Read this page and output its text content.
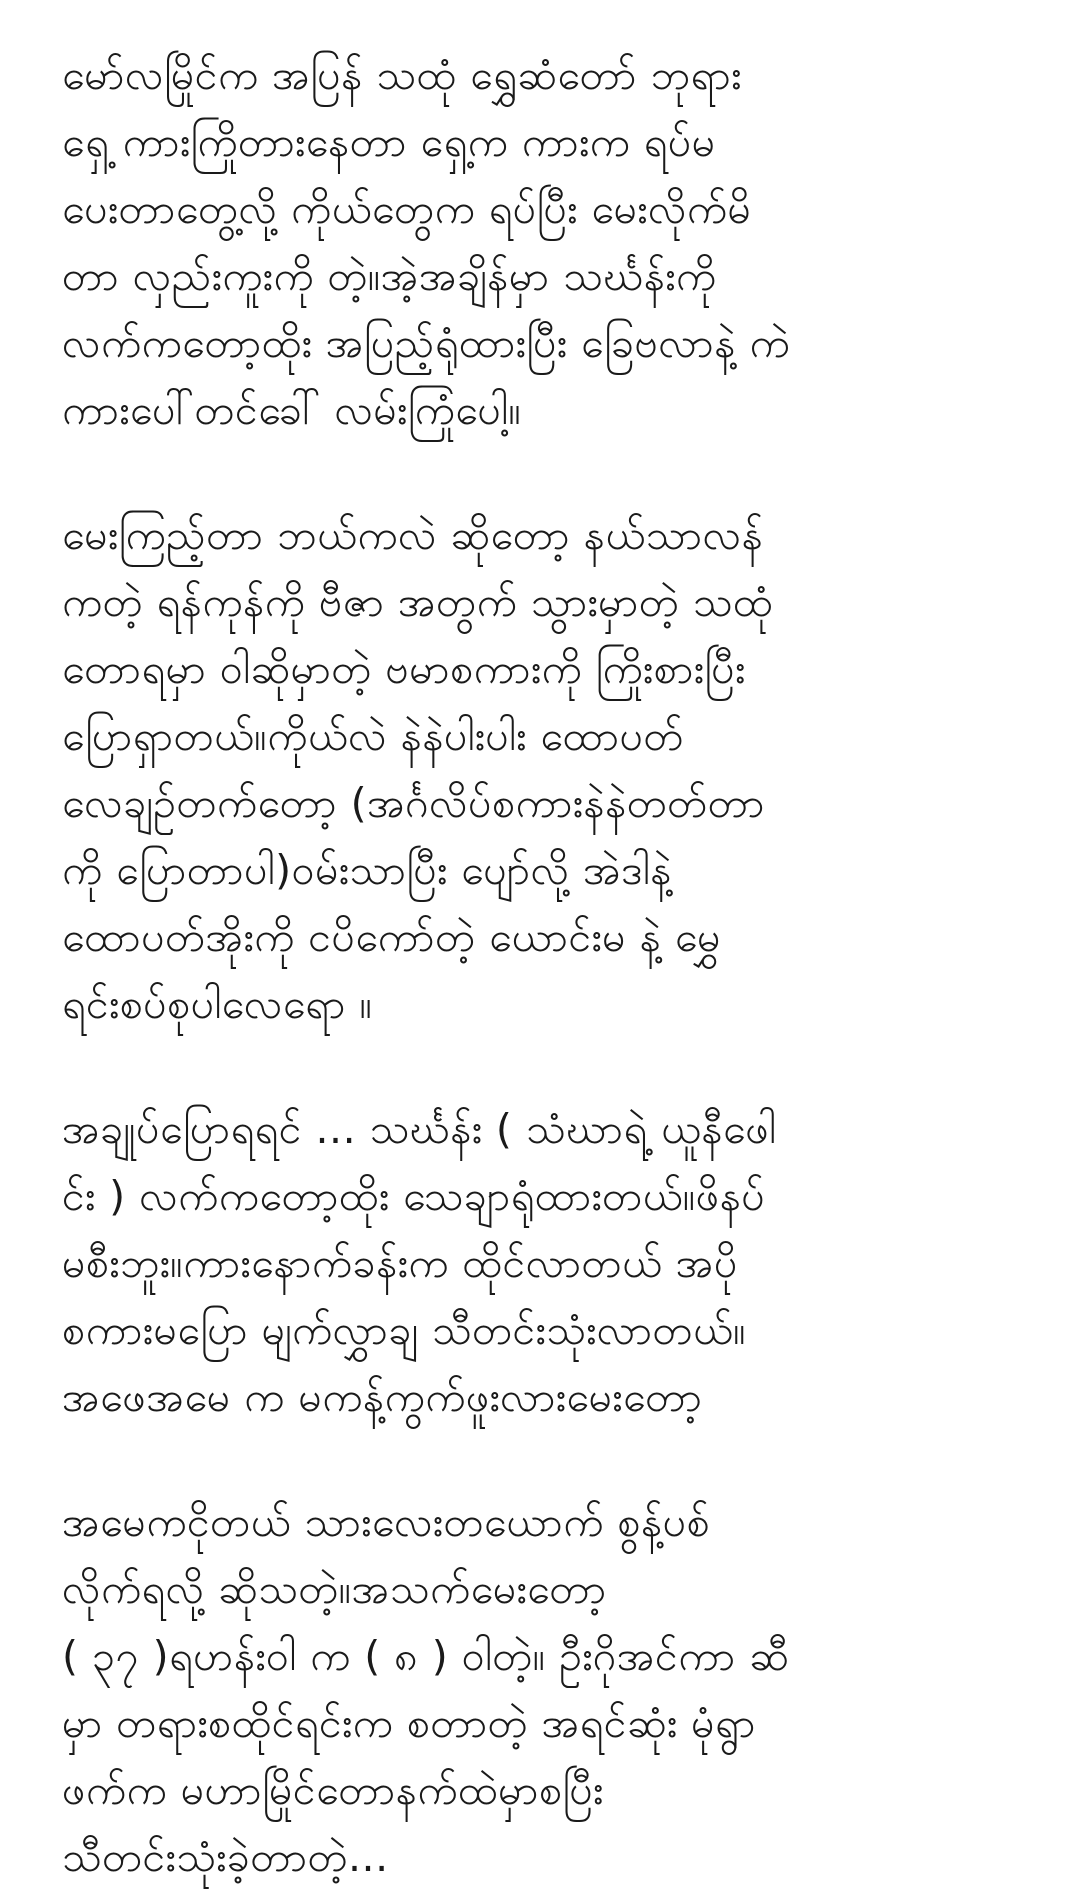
မော်လမြိုင်က အပြန် သထုံ ရွှေဆံတော် ဘုရား
ရှေ့ ကားကြိုတားနေတာ ရှေ့က ကားက ရပ်မ
ပေးတာတွေ့လို့ ကိုယ်တွေက ရပ်ပြီး မေးလိုက်မိ
တာ လှည်းကူးကို တဲ့။အဲ့အချိန်မှာ သင်္ဃန်းကို
လက်ကတော့ထိုး အပြည့်ရုံထားပြီး ခြေဗလာနဲ့ ကဲ
ကားပေါ်တင်ခေါ် လမ်းကြုံပေါ့။
မေးကြည့်တာ ဘယ်ကလဲ ဆိုတော့ နယ်သာလန်
ကတဲ့ ရန်ကုန်ကို ဗီဇာ အတွက် သွားမှာတဲ့ သထုံ
တောရမှာ ဝါဆိုမှာတဲ့ ဗမာစကားကို ကြိုးစားပြီး
ပြောရှာတယ်။ကိုယ်လဲ နဲနဲပါးပါး ထောပတ်
လေချဉ်တက်တော့ (အင်္ဂလိပ်စကားနဲနဲတတ်တာ
ကို ပြောတာပါ)ဝမ်းသာပြီး ပျော်လို့ အဲဒါနဲ့
ထောပတ်အိုးကို ငပိကော်တဲ့ ယောင်းမ နဲ့ မွှေ
ရင်းစပ်စုပါလေရော ။
အချုပ်ပြောရရင် ... သင်္ဃန်း ( သံဃာရဲ့ ယူနီဖေါ
င်း ) လက်ကတော့ထိုး သေချာရုံထားတယ်။ဖိနပ်
မစီးဘူး။ကားနောက်ခန်းက ထိုင်လာတယ် အပို
စကားမပြော မျက်လွှာချ သီတင်းသုံးလာတယ်။
အဖေအမေ က မကန့်ကွက်ဖူးလားမေးတော့
အမေကငိုတယ် သားလေးတယောက် စွန့်ပစ်
လိုက်ရလို့ ဆိုသတဲ့။အသက်မေးတော့
( ၃၇ )ရဟန်းဝါ က ( ၈ ) ဝါတဲ့။ ဦးဂိုအင်ကာ ဆီ
မှာ တရားစထိုင်ရင်းက စတာတဲ့ အရင်ဆုံး မုံရွာ
ဖက်က မဟာမြိုင်တောနက်ထဲမှာစပြီး
သီတင်းသုံးခဲ့တာတဲ့...
